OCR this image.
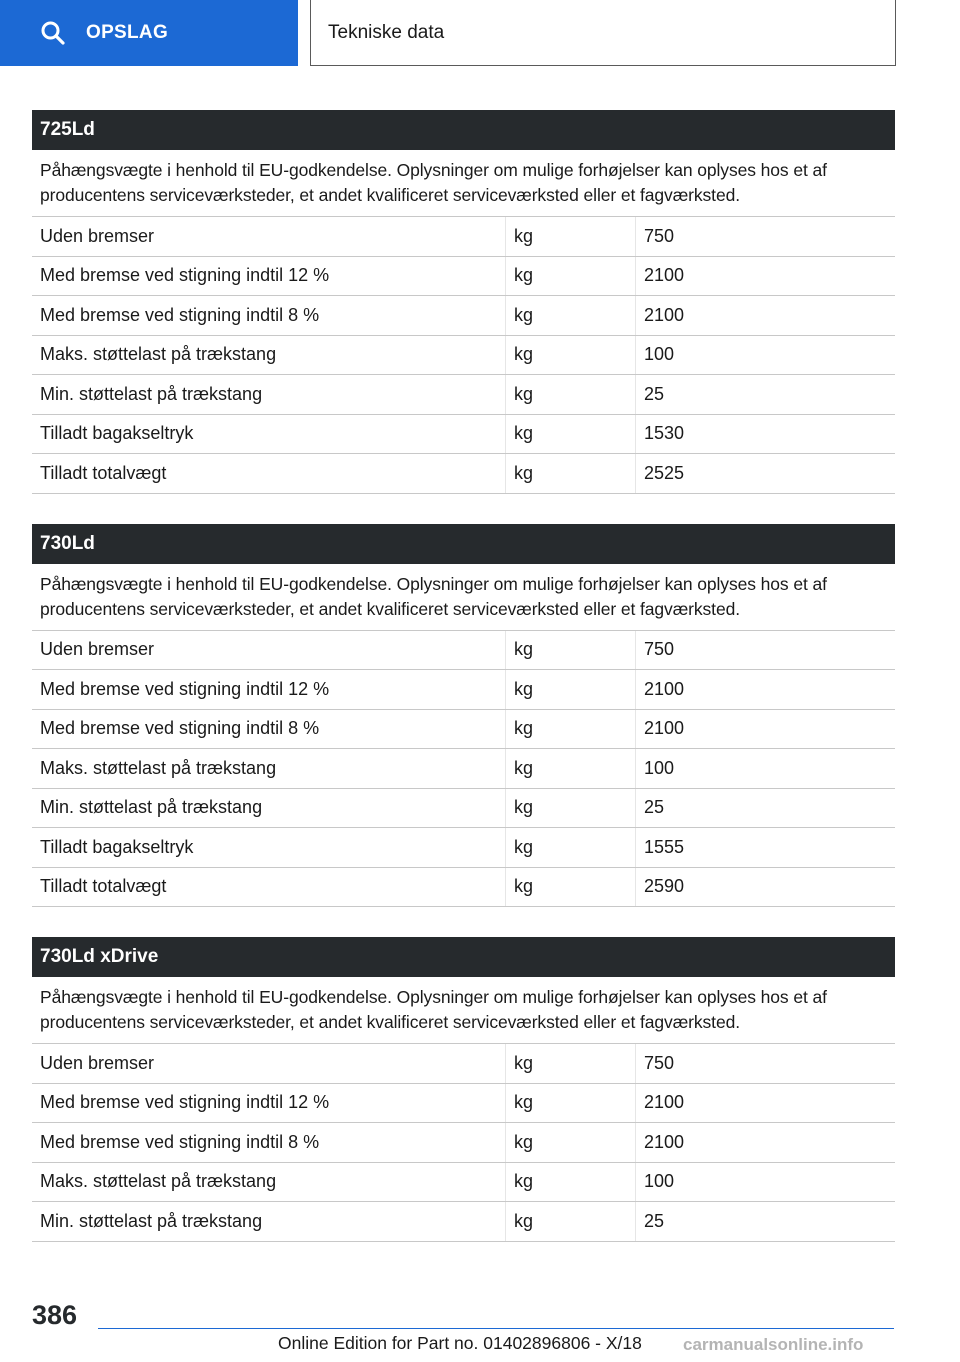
OPSLAG	Tekniske data
725Ld
Påhængsvægte i henhold til EU-godkendelse. Oplysninger om mulige forhøjelser kan oplyses hos et af producentens serviceværksteder, et andet kvalificeret serviceværksted eller et fagværksted.
Uden bremser	kg	750
Med bremse ved stigning indtil 12 %	kg	2100
Med bremse ved stigning indtil 8 %	kg	2100
Maks. støttelast på trækstang	kg	100
Min. støttelast på trækstang	kg	25
Tilladt bagakseltryk	kg	1530
Tilladt totalvægt	kg	2525
730Ld
Påhængsvægte i henhold til EU-godkendelse. Oplysninger om mulige forhøjelser kan oplyses hos et af producentens serviceværksteder, et andet kvalificeret serviceværksted eller et fagværksted.
Uden bremser	kg	750
Med bremse ved stigning indtil 12 %	kg	2100
Med bremse ved stigning indtil 8 %	kg	2100
Maks. støttelast på trækstang	kg	100
Min. støttelast på trækstang	kg	25
Tilladt bagakseltryk	kg	1555
Tilladt totalvægt	kg	2590
730Ld xDrive
Påhængsvægte i henhold til EU-godkendelse. Oplysninger om mulige forhøjelser kan oplyses hos et af producentens serviceværksteder, et andet kvalificeret serviceværksted eller et fagværksted.
Uden bremser	kg	750
Med bremse ved stigning indtil 12 %	kg	2100
Med bremse ved stigning indtil 8 %	kg	2100
Maks. støttelast på trækstang	kg	100
Min. støttelast på trækstang	kg	25
386
Online Edition for Part no. 01402896806 - X/18 carmanualsonline.info
